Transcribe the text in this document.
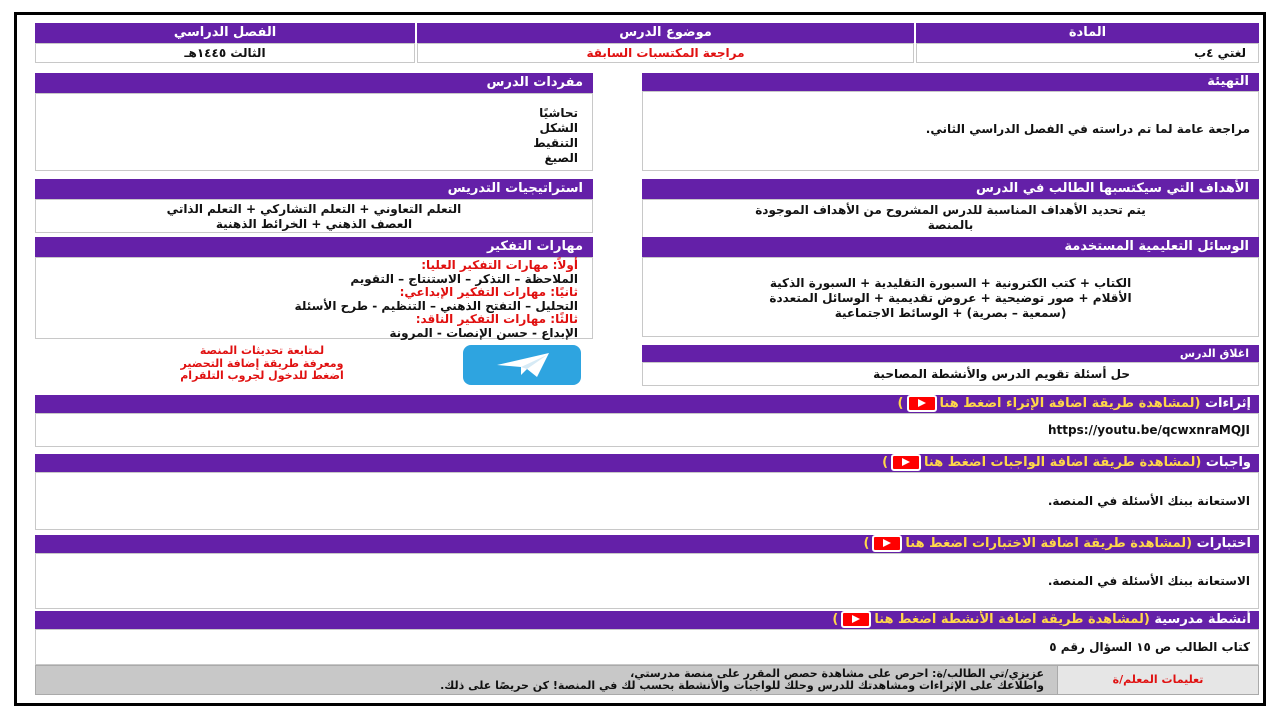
المادة
موضوع الدرس
الفصل الدراسي
لغتي ٤ب
مراجعة المكتسبات السابقة
الثالث ١٤٤٥هـ
التهيئة
مراجعة عامة لما تم دراسته في الفصل الدراسي الثاني.
الأهداف التي سيكتسبها الطالب في الدرس
يتم تحديد الأهداف المناسبة للدرس المشروح من الأهداف الموجودة
بالمنصة
الوسائل التعليمية المستخدمة
الكتاب + كتب الكترونية + السبورة التقليدية + السبورة الذكية
الأقلام + صور توضيحية + عروض تقديمية + الوسائل المتعددة
(سمعية – بصرية) + الوسائط الاجتماعية
اغلاق الدرس
حل أسئلة تقويم الدرس والأنشطة المصاحبة
مفردات الدرس
تحاشيًا
الشكل
التنقيط
الصيغ
استراتيجيات التدريس
التعلم التعاوني + التعلم التشاركي + التعلم الذاتي
العصف الذهني + الخرائط الذهنية
مهارات التفكير
أولاً: مهارات التفكير العليا:
الملاحظة – التذكر – الاستنتاج – التقويم
ثانيًا: مهارات التفكير الإبداعي:
التحليل – التفتح الذهني – التنظيم - طرح الأسئلة
ثالثًا: مهارات التفكير الناقد:
الإبداع - حسن الإنصات - المرونة
لمتابعة تحديثات المنصة
ومعرفة طريقة إضافة التحضير
اضغط للدخول لجروب التلقرام
إثراءات (لمشاهدة طريقة اضافة الإثراء اضغط هنا)
https://youtu.be/qcwxnraMQJI
واجبات (لمشاهدة طريقة اضافة الواجبات اضغط هنا)
الاستعانة ببنك الأسئلة في المنصة.
اختبارات (لمشاهدة طريقة اضافة الاختبارات اضغط هنا)
الاستعانة ببنك الأسئلة في المنصة.
أنشطة مدرسية (لمشاهدة طريقة اضافة الأنشطة اضغط هنا)
كتاب الطالب ص ١٥ السؤال رقم ٥
تعليمات المعلم/ة
عزيزي/تي الطالب/ة: احرص على مشاهدة حصص المقرر على منصة مدرستي،
واطلاعك على الإثراءات ومشاهدتك للدرس وحلك للواجبات والأنشطة بحسب لك في المنصة! كن حريصًا على ذلك.
